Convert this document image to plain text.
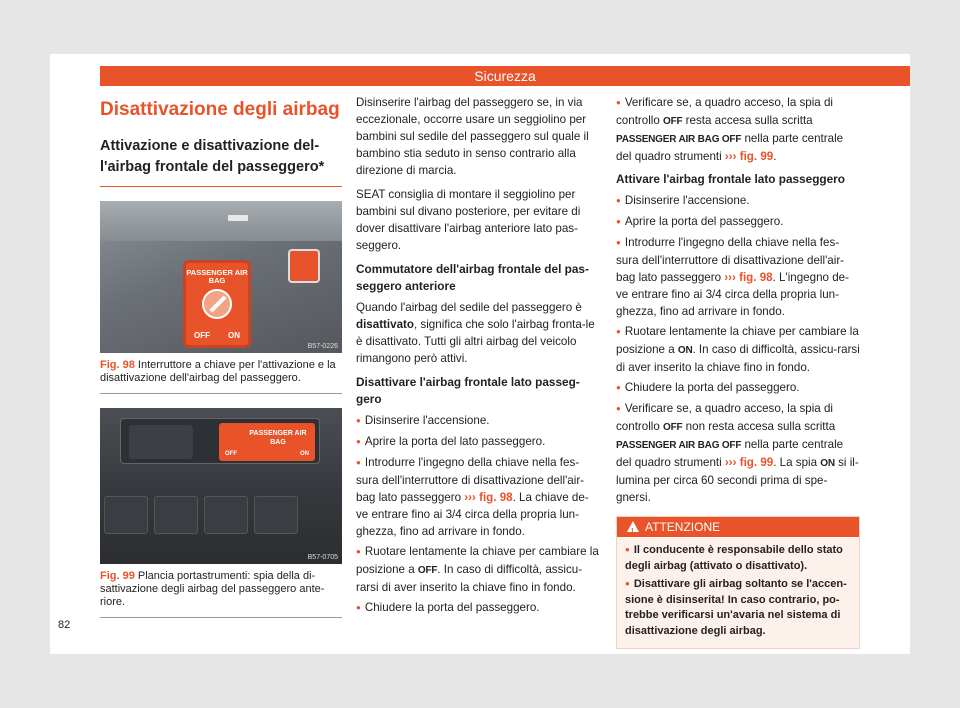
Sicurezza
Disattivazione degli airbag
Attivazione e disattivazione del-l'airbag frontale del passeggero*
PASSENGER AIR BAG
OFF ON
B57-0226
Fig. 98 Interruttore a chiave per l'attivazione e la disattivazione dell'airbag del passeggero.
PASSENGER AIR BAG
OFF	ON
B57-0705
Fig. 99 Plancia portastrumenti: spia della di-sattivazione degli airbag del passeggero ante-riore.

Disinserire l'airbag del passeggero se, in via eccezionale, occorre usare un seggiolino per bambini sul sedile del passeggero sul quale il bambino stia seduto in senso contrario alla direzione di marcia.

SEAT consiglia di montare il seggiolino per bambini sul divano posteriore, per evitare di dover disattivare l'airbag anteriore lato pas-seggero.

Commutatore dell'airbag frontale del pas-seggero anteriore

Quando l'airbag del sedile del passeggero è disattivato, significa che solo l'airbag fronta-le è disattivato. Tutti gli altri airbag del veicolo rimangono però attivi.

Disattivare l'airbag frontale lato passeg-gero
● Disinserire l'accensione.
● Aprire la porta del lato passeggero.
● Introdurre l'ingegno della chiave nella fes-sura dell'interruttore di disattivazione dell'air-bag lato passeggero ››› fig. 98. La chiave de-ve entrare fino ai 3/4 circa della propria lun-ghezza, fino ad arrivare in fondo.
● Ruotare lentamente la chiave per cambiare la posizione a OFF. In caso di difficoltà, assicu-rarsi di aver inserito la chiave fino in fondo.
● Chiudere la porta del passeggero.
● Verificare se, a quadro acceso, la spia di controllo OFF resta accesa sulla scritta PASSENGER AIR BAG OFF nella parte centrale del quadro strumenti ››› fig. 99.
Attivare l'airbag frontale lato passeggero
● Disinserire l'accensione.
● Aprire la porta del passeggero.
● Introdurre l'ingegno della chiave nella fes-sura dell'interruttore di disattivazione dell'air-bag lato passeggero ››› fig. 98. L'ingegno de-ve entrare fino ai 3/4 circa della propria lun-ghezza, fino ad arrivare in fondo.
● Ruotare lentamente la chiave per cambiare la posizione a ON. In caso di difficoltà, assicu-rarsi di aver inserito la chiave fino in fondo.
● Chiudere la porta del passeggero.
● Verificare se, a quadro acceso, la spia di controllo OFF non resta accesa sulla scritta PASSENGER AIR BAG OFF nella parte centrale del quadro strumenti ››› fig. 99. La spia ON si il-lumina per circa 60 secondi prima di spe-gnersi.
!
ATTENZIONE
● Il conducente è responsabile dello stato degli airbag (attivato o disattivato).
● Disattivare gli airbag soltanto se l'accen-sione è disinserita! In caso contrario, po-trebbe verificarsi un'avaria nel sistema di disattivazione degli airbag.
82
